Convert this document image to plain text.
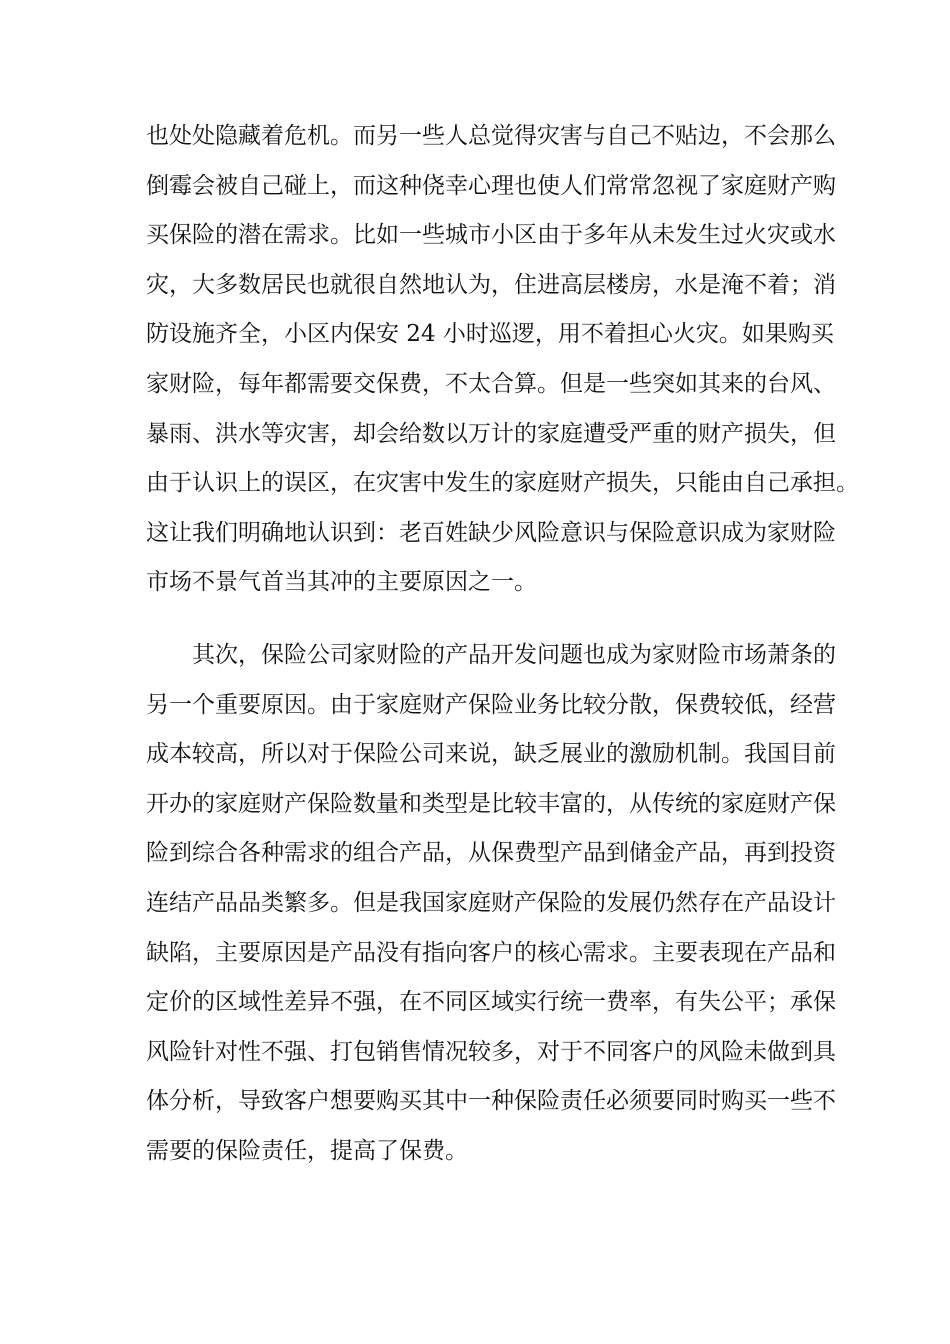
也处处隐藏着危机。而另一些人总觉得灾害与自己不贴边，不会那么
倒霉会被自己碰上，而这种侥幸心理也使人们常常忽视了家庭财产购
买保险的潜在需求。比如一些城市小区由于多年从未发生过火灾或水
灾，大多数居民也就很自然地认为，住进高层楼房，水是淹不着；消
防设施齐全，小区内保安 24 小时巡逻，用不着担心火灾。如果购买
家财险，每年都需要交保费，不太合算。但是一些突如其来的台风、
暴雨、洪水等灾害，却会给数以万计的家庭遭受严重的财产损失，但
由于认识上的误区，在灾害中发生的家庭财产损失，只能由自己承担。
这让我们明确地认识到：老百姓缺少风险意识与保险意识成为家财险
市场不景气首当其冲的主要原因之一。
　　其次，保险公司家财险的产品开发问题也成为家财险市场萧条的
另一个重要原因。由于家庭财产保险业务比较分散，保费较低，经营
成本较高，所以对于保险公司来说，缺乏展业的激励机制。我国目前
开办的家庭财产保险数量和类型是比较丰富的，从传统的家庭财产保
险到综合各种需求的组合产品，从保费型产品到储金产品，再到投资
连结产品品类繁多。但是我国家庭财产保险的发展仍然存在产品设计
缺陷，主要原因是产品没有指向客户的核心需求。主要表现在产品和
定价的区域性差异不强，在不同区域实行统一费率，有失公平；承保
风险针对性不强、打包销售情况较多，对于不同客户的风险未做到具
体分析，导致客户想要购买其中一种保险责任必须要同时购买一些不
需要的保险责任，提高了保费。
